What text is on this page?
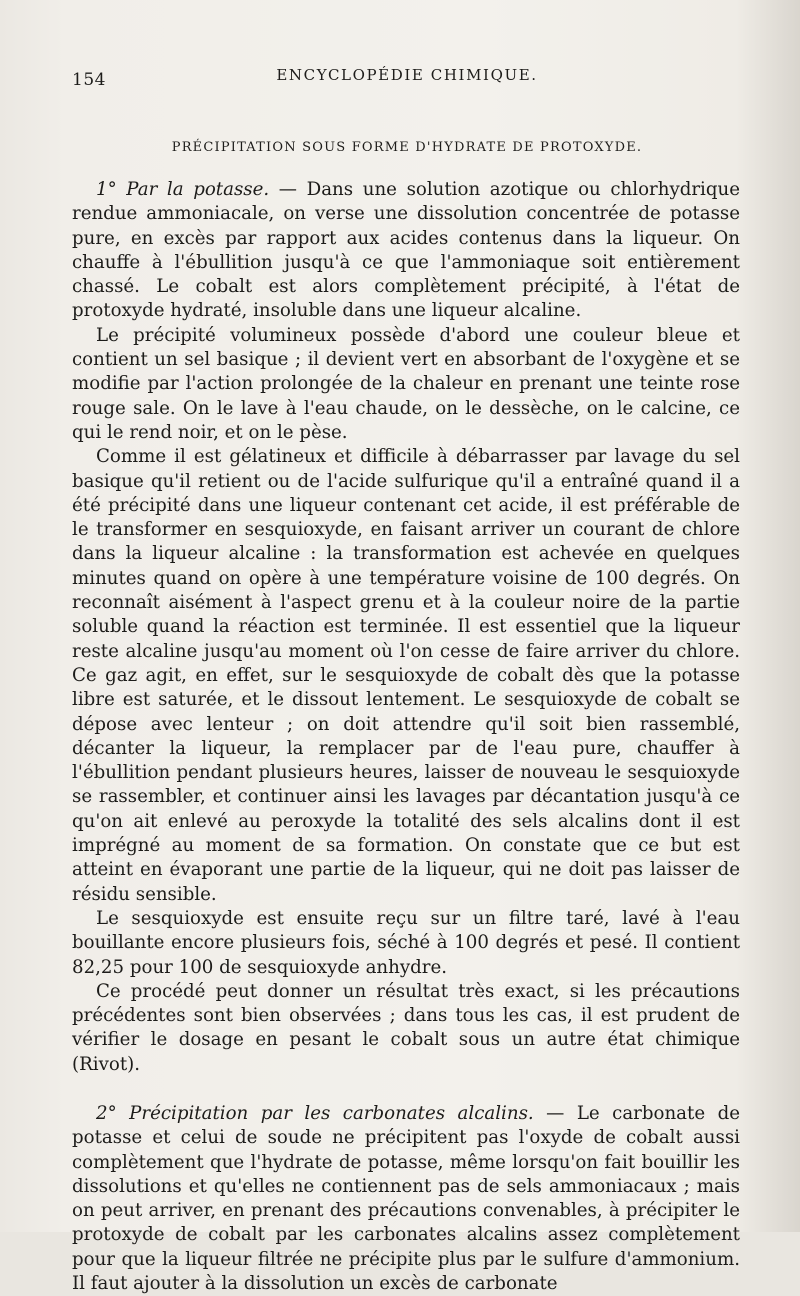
154	ENCYCLOPÉDIE CHIMIQUE.
PRÉCIPITATION SOUS FORME D'HYDRATE DE PROTOXYDE.

1° Par la potasse. — Dans une solution azotique ou chlorhydrique rendue ammoniacale, on verse une dissolution concentrée de potasse pure, en excès par rapport aux acides contenus dans la liqueur. On chauffe à l'ébullition jusqu'à ce que l'ammoniaque soit entièrement chassé. Le cobalt est alors complètement précipité, à l'état de protoxyde hydraté, insoluble dans une liqueur alcaline.

Le précipité volumineux possède d'abord une couleur bleue et contient un sel basique ; il devient vert en absorbant de l'oxygène et se modifie par l'action prolongée de la chaleur en prenant une teinte rose rouge sale. On le lave à l'eau chaude, on le dessèche, on le calcine, ce qui le rend noir, et on le pèse.

Comme il est gélatineux et difficile à débarrasser par lavage du sel basique qu'il retient ou de l'acide sulfurique qu'il a entraîné quand il a été précipité dans une liqueur contenant cet acide, il est préférable de le transformer en sesquioxyde, en faisant arriver un courant de chlore dans la liqueur alcaline : la transformation est achevée en quelques minutes quand on opère à une température voisine de 100 degrés. On reconnaît aisément à l'aspect grenu et à la couleur noire de la partie soluble quand la réaction est terminée. Il est essentiel que la liqueur reste alcaline jusqu'au moment où l'on cesse de faire arriver du chlore. Ce gaz agit, en effet, sur le sesquioxyde de cobalt dès que la potasse libre est saturée, et le dissout lentement. Le sesquioxyde de cobalt se dépose avec lenteur ; on doit attendre qu'il soit bien rassemblé, décanter la liqueur, la remplacer par de l'eau pure, chauffer à l'ébullition pendant plusieurs heures, laisser de nouveau le sesquioxyde se rassembler, et continuer ainsi les lavages par décantation jusqu'à ce qu'on ait enlevé au peroxyde la totalité des sels alcalins dont il est imprégné au moment de sa formation. On constate que ce but est atteint en évaporant une partie de la liqueur, qui ne doit pas laisser de résidu sensible.

Le sesquioxyde est ensuite reçu sur un filtre taré, lavé à l'eau bouillante encore plusieurs fois, séché à 100 degrés et pesé. Il contient 82,25 pour 100 de sesquioxyde anhydre.

Ce procédé peut donner un résultat très exact, si les précautions précédentes sont bien observées ; dans tous les cas, il est prudent de vérifier le dosage en pesant le cobalt sous un autre état chimique (Rivot).

2° Précipitation par les carbonates alcalins. — Le carbonate de potasse et celui de soude ne précipitent pas l'oxyde de cobalt aussi complètement que l'hydrate de potasse, même lorsqu'on fait bouillir les dissolutions et qu'elles ne contiennent pas de sels ammoniacaux ; mais on peut arriver, en prenant des précautions convenables, à précipiter le protoxyde de cobalt par les carbonates alcalins assez complètement pour que la liqueur filtrée ne précipite plus par le sulfure d'ammonium. Il faut ajouter à la dissolution un excès de carbonate
